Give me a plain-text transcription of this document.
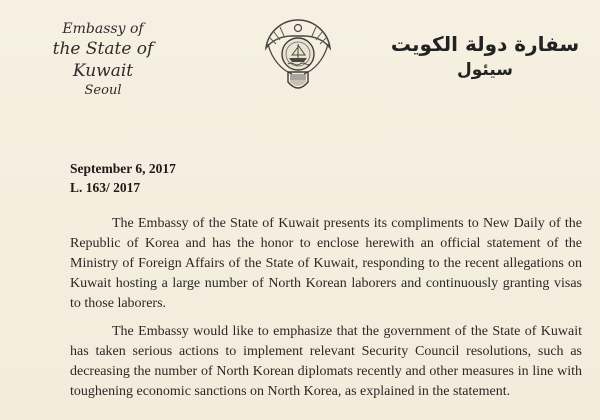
Embassy of
the State of Kuwait
Seoul
سفارة دولة الكويت
سيئول
September 6, 2017
L. 163/ 2017

The Embassy of the State of Kuwait presents its compliments to New Daily of the Republic of Korea and has the honor to enclose herewith an official statement of the Ministry of Foreign Affairs of the State of Kuwait, responding to the recent allegations on Kuwait hosting a large number of North Korean laborers and continuously granting visas to those laborers.

The Embassy would like to emphasize that the government of the State of Kuwait has taken serious actions to implement relevant Security Council resolutions, such as decreasing the number of North Korean diplomats recently and other measures in line with toughening economic sanctions on North Korea, as explained in the statement.
